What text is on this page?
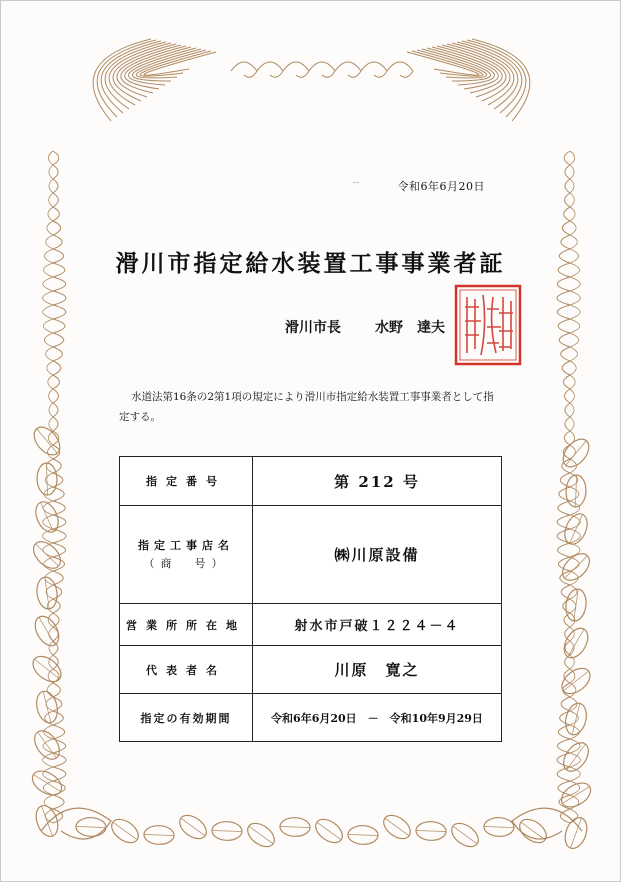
令和6年6月20日
滑川市指定給水装置工事事業者証
滑川市長 水野　達夫
滑川市長之印
水道法第16条の2第1項の規定により滑川市指定給水装置工事事業者として指定する。
指定番号	第 212 号
指定工事店名
（商　号）	㈱川原設備
営業所所在地	射水市戸破１２２４－４
代表者名	川原　寛之
指定の有効期間	令和6年6月20日　－　令和10年9月29日
